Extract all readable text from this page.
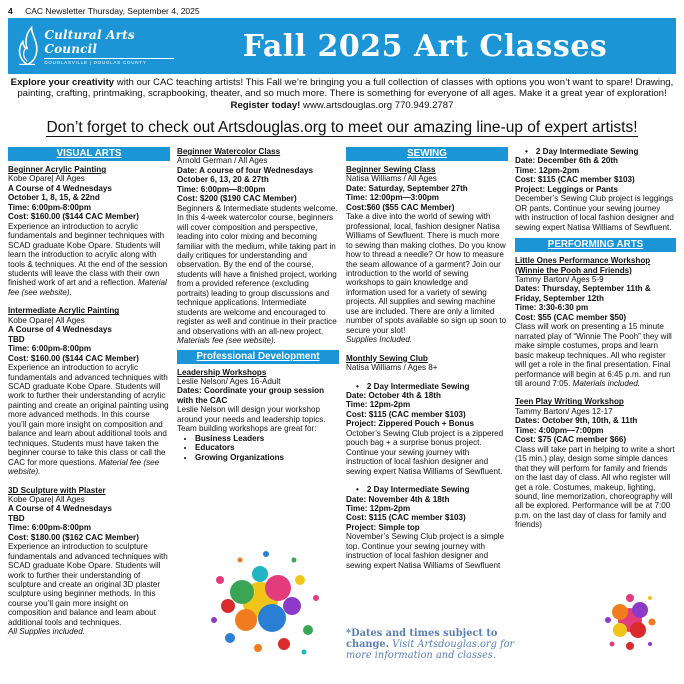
4 CAC Newsletter Thursday, September 4, 2025
Cultural Arts Council
DOUGLASVILLE | DOUGLAS COUNTY	Fall 2025 Art Classes
Explore your creativity with our CAC teaching artists! This Fall we’re bringing you a full collection of classes with options you won’t want to spare! Drawing, painting, crafting, printmaking, scrapbooking, theater, and so much more. There is something for everyone of all ages. Make it a great year of exploration! Register today! www.artsdouglas.org 770.949.2787
Don’t forget to check out Artsdouglas.org to meet our amazing line-up of expert artists!
VISUAL ARTS
Beginner Acrylic Painting
Kobe Opare| All Ages
A Course of 4 Wednesdays
October 1, 8, 15, & 22nd
Time: 6:00pm-8:00pm
Cost: $160.00 ($144 CAC Member)
Experience an introduction to acrylic fundamentals and beginner techniques with SCAD graduate Kobe Opare. Students will learn the introduction to acrylic along with tools & techniques. At the end of the session students will leave the class with their own finished work of art and a reflection. Material fee (see website).
Intermediate Acrylic Painting
Kobe Opare| All Ages
A Course of 4 Wednesdays
TBD
Time: 6:00pm-8:00pm
Cost: $160.00 ($144 CAC Member)
Experience an introduction to acrylic fundamentals and advanced techniques with SCAD graduate Kobe Opare. Students will work to further their understanding of acrylic painting and create an original painting using more advanced methods. In this course you’ll gain more insight on composition and balance and learn about additional tools and techniques. Students must have taken the beginner course to take this class or call the CAC for more questions. Material fee (see website).
3D Sculpture with Plaster
Kobe Opare| All Ages
A Course of 4 Wednesdays
TBD
Time: 6:00pm-8:00pm
Cost: $180.00 ($162 CAC Member)
Experience an introduction to sculpture fundamentals and advanced techniques with SCAD graduate Kobe Opare. Students will work to further their understanding of sculpture and create an original 3D plaster sculpture using beginner methods. In this course you’ll gain more insight on composition and balance and learn about additional tools and techniques.
All Supplies included.
Beginner Watercolor Class
Arnold German / All Ages
Date: A course of four Wednesdays
October 6, 13, 20 & 27th
Time: 6:00pm—8:00pm
Cost: $200 ($190 CAC Member)
Beginners & Intermediate students welcome. In this 4-week watercolor course, beginners will cover composition and perspective, leading into color mixing and becoming familiar with the medium, while taking part in daily critiques for understanding and observation. By the end of the course, students will have a finished project, working from a provided reference (excluding portraits) leading to group discussions and technique applications. Intermediate students are welcome and encouraged to register as well and continue in their practice and observations with an all-new project. Materials fee (see website).
Professional Development
Leadership Workshops
Leslie Nelson/ Ages 16-Adult
Dates: Coordinate your group session with the CAC
Leslie Nelson will design your workshop around your needs and leadership topics. Team building workshops are great for:
• Business Leaders
• Educators
• Growing Organizations
SEWING
Beginner Sewing Class
Natisa Williams / All Ages
Date: Saturday, September 27th
Time: 12:00pm—3:00pm
Cost:$60 ($55 CAC Member)
Take a dive into the world of sewing with professional, local, fashion designer Natisa Williams of Sewfluent. There is much more to sewing than making clothes. Do you know how to thread a needle? Or how to measure the seam allowance of a garment? Join our introduction to the world of sewing workshops to gain knowledge and information used for a variety of sewing projects. All supplies and sewing machine use are included. There are only a limited number of spots available so sign up soon to secure your slot!
Supplies Included.
Monthly Sewing Club
Natisa Williams / Ages 8+
• 2 Day Intermediate Sewing
Date: October 4th & 18th
Time: 12pm-2pm
Cost: $115 (CAC member $103)
Project: Zippered Pouch + Bonus
October’s Sewing Club project is a zippered pouch bag + a surprise bonus project. Continue your sewing journey with instruction of local fashion designer and sewing expert Natisa Williams of Sewfluent.
• 2 Day Intermediate Sewing
Date: November 4th & 18th
Time: 12pm-2pm
Cost: $115 (CAC member $103)
Project: Simple top
November’s Sewing Club project is a simple top. Continue your sewing journey with instruction of local fashion designer and sewing expert Natisa Williams of Sewfluent
*Dates and times subject to change. Visit Artsdouglas.org for more information and classes.
• 2 Day Intermediate Sewing
Date: December 6th & 20th
Time: 12pm-2pm
Cost: $115 (CAC member $103)
Project: Leggings or Pants
December’s Sewing Club project is leggings OR pants. Continue your sewing journey with instruction of local fashion designer and sewing expert Natisa Williams of Sewfluent.
PERFORMING ARTS
Little Ones Performance Workshop (Winnie the Pooh and Friends)
Tammy Barton/ Ages 5-9
Dates: Thursday, September 11th & Friday, September 12th
Time: 3:30-6:30 pm
Cost: $55 (CAC member $50)
Class will work on presenting a 15 minute narrated play of “Winnie The Pooh” they will make simple costumes, props and learn basic makeup techniques. All who register will get a role in the final presentation. Final performance will begin at 6:45 p.m. and run till around 7:05. Materials included.
Teen Play Writing Workshop
Tammy Barton/ Ages 12-17
Dates: October 9th, 10th, & 11th
Time: 4:00pm—7:00pm
Cost: $75 (CAC member $66)
Class will take part in helping to write a short (15 min.) play, design some simple dances that they will perform for family and friends on the last day of class. All who register will get a role. Costumes, makeup, lighting, sound, line memorization, choreography will all be explored. Performance will be at 7:00 p.m. on the last day of class for family and friends)
